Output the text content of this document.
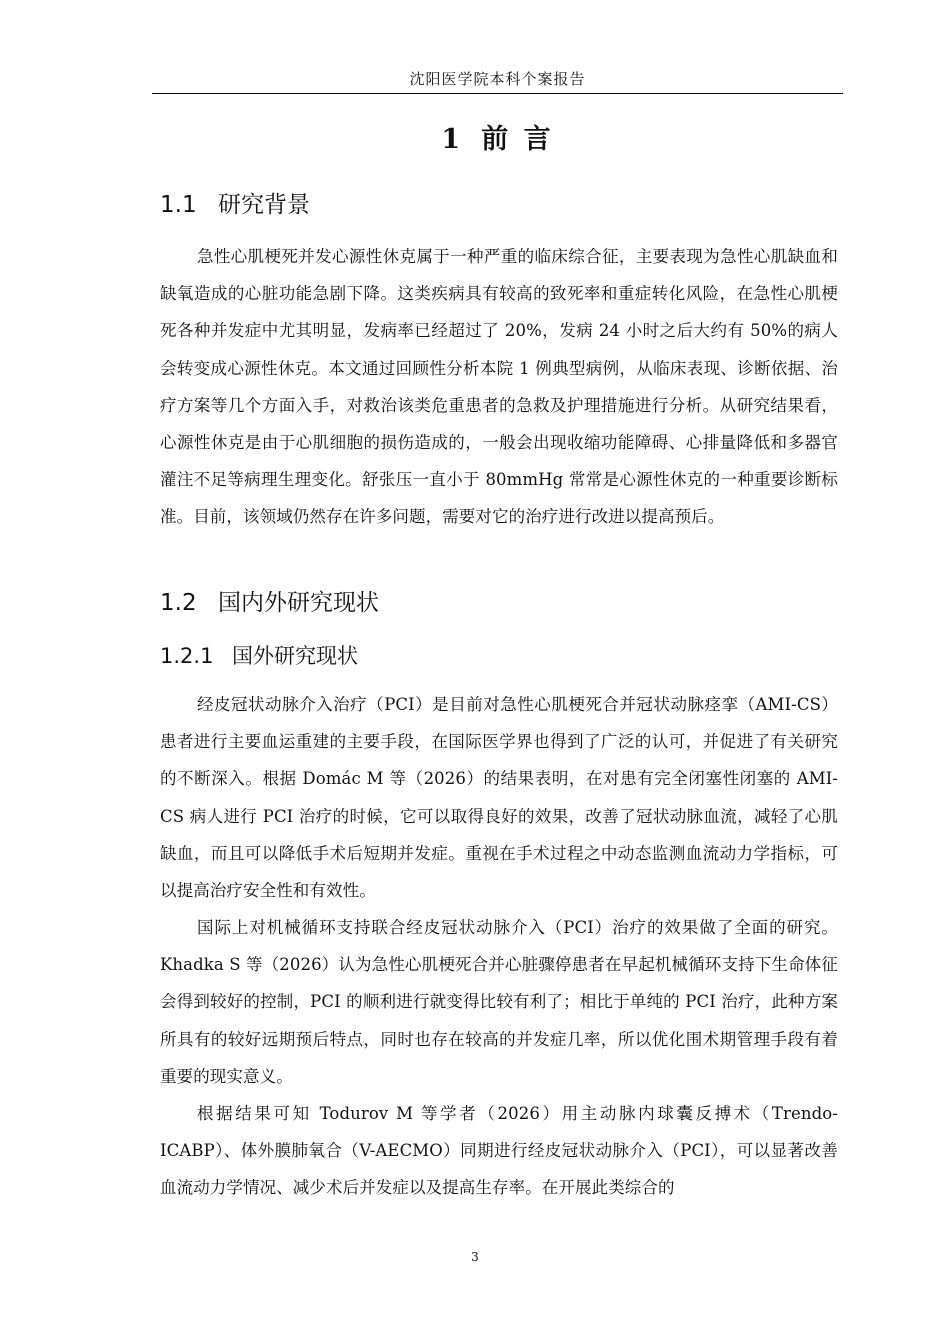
沈阳医学院本科个案报告
1 前 言
1.1 研究背景

急性心肌梗死并发心源性休克属于一种严重的临床综合征，主要表现为急性心肌缺血和缺氧造成的心脏功能急剧下降。这类疾病具有较高的致死率和重症转化风险，在急性心肌梗死各种并发症中尤其明显，发病率已经超过了 20%，发病 24 小时之后大约有 50%的病人会转变成心源性休克。本文通过回顾性分析本院 1 例典型病例，从临床表现、诊断依据、治疗方案等几个方面入手，对救治该类危重患者的急救及护理措施进行分析。从研究结果看，心源性休克是由于心肌细胞的损伤造成的，一般会出现收缩功能障碍、心排量降低和多器官灌注不足等病理生理变化。舒张压一直小于 80mmHg 常常是心源性休克的一种重要诊断标准。目前，该领域仍然存在许多问题，需要对它的治疗进行改进以提高预后。

1.2 国内外研究现状
1.2.1 国外研究现状

经皮冠状动脉介入治疗（PCI）是目前对急性心肌梗死合并冠状动脉痉挛（AMI-CS）患者进行主要血运重建的主要手段，在国际医学界也得到了广泛的认可，并促进了有关研究的不断深入。根据 Domác M 等（2026）的结果表明，在对患有完全闭塞性闭塞的 AMI-CS 病人进行 PCI 治疗的时候，它可以取得良好的效果，改善了冠状动脉血流，减轻了心肌缺血，而且可以降低手术后短期并发症。重视在手术过程之中动态监测血流动力学指标，可以提高治疗安全性和有效性。

国际上对机械循环支持联合经皮冠状动脉介入（PCI）治疗的效果做了全面的研究。Khadka S 等（2026）认为急性心肌梗死合并心脏骤停患者在早起机械循环支持下生命体征会得到较好的控制，PCI 的顺利进行就变得比较有利了；相比于单纯的 PCI 治疗，此种方案所具有的较好远期预后特点，同时也存在较高的并发症几率，所以优化围术期管理手段有着重要的现实意义。

根据结果可知 Todurov M 等学者（2026）用主动脉内球囊反搏术（Trendo-ICABP）、体外膜肺氧合（V-AECMO）同期进行经皮冠状动脉介入（PCI），可以显著改善血流动力学情况、减少术后并发症以及提高生存率。在开展此类综合的

3
